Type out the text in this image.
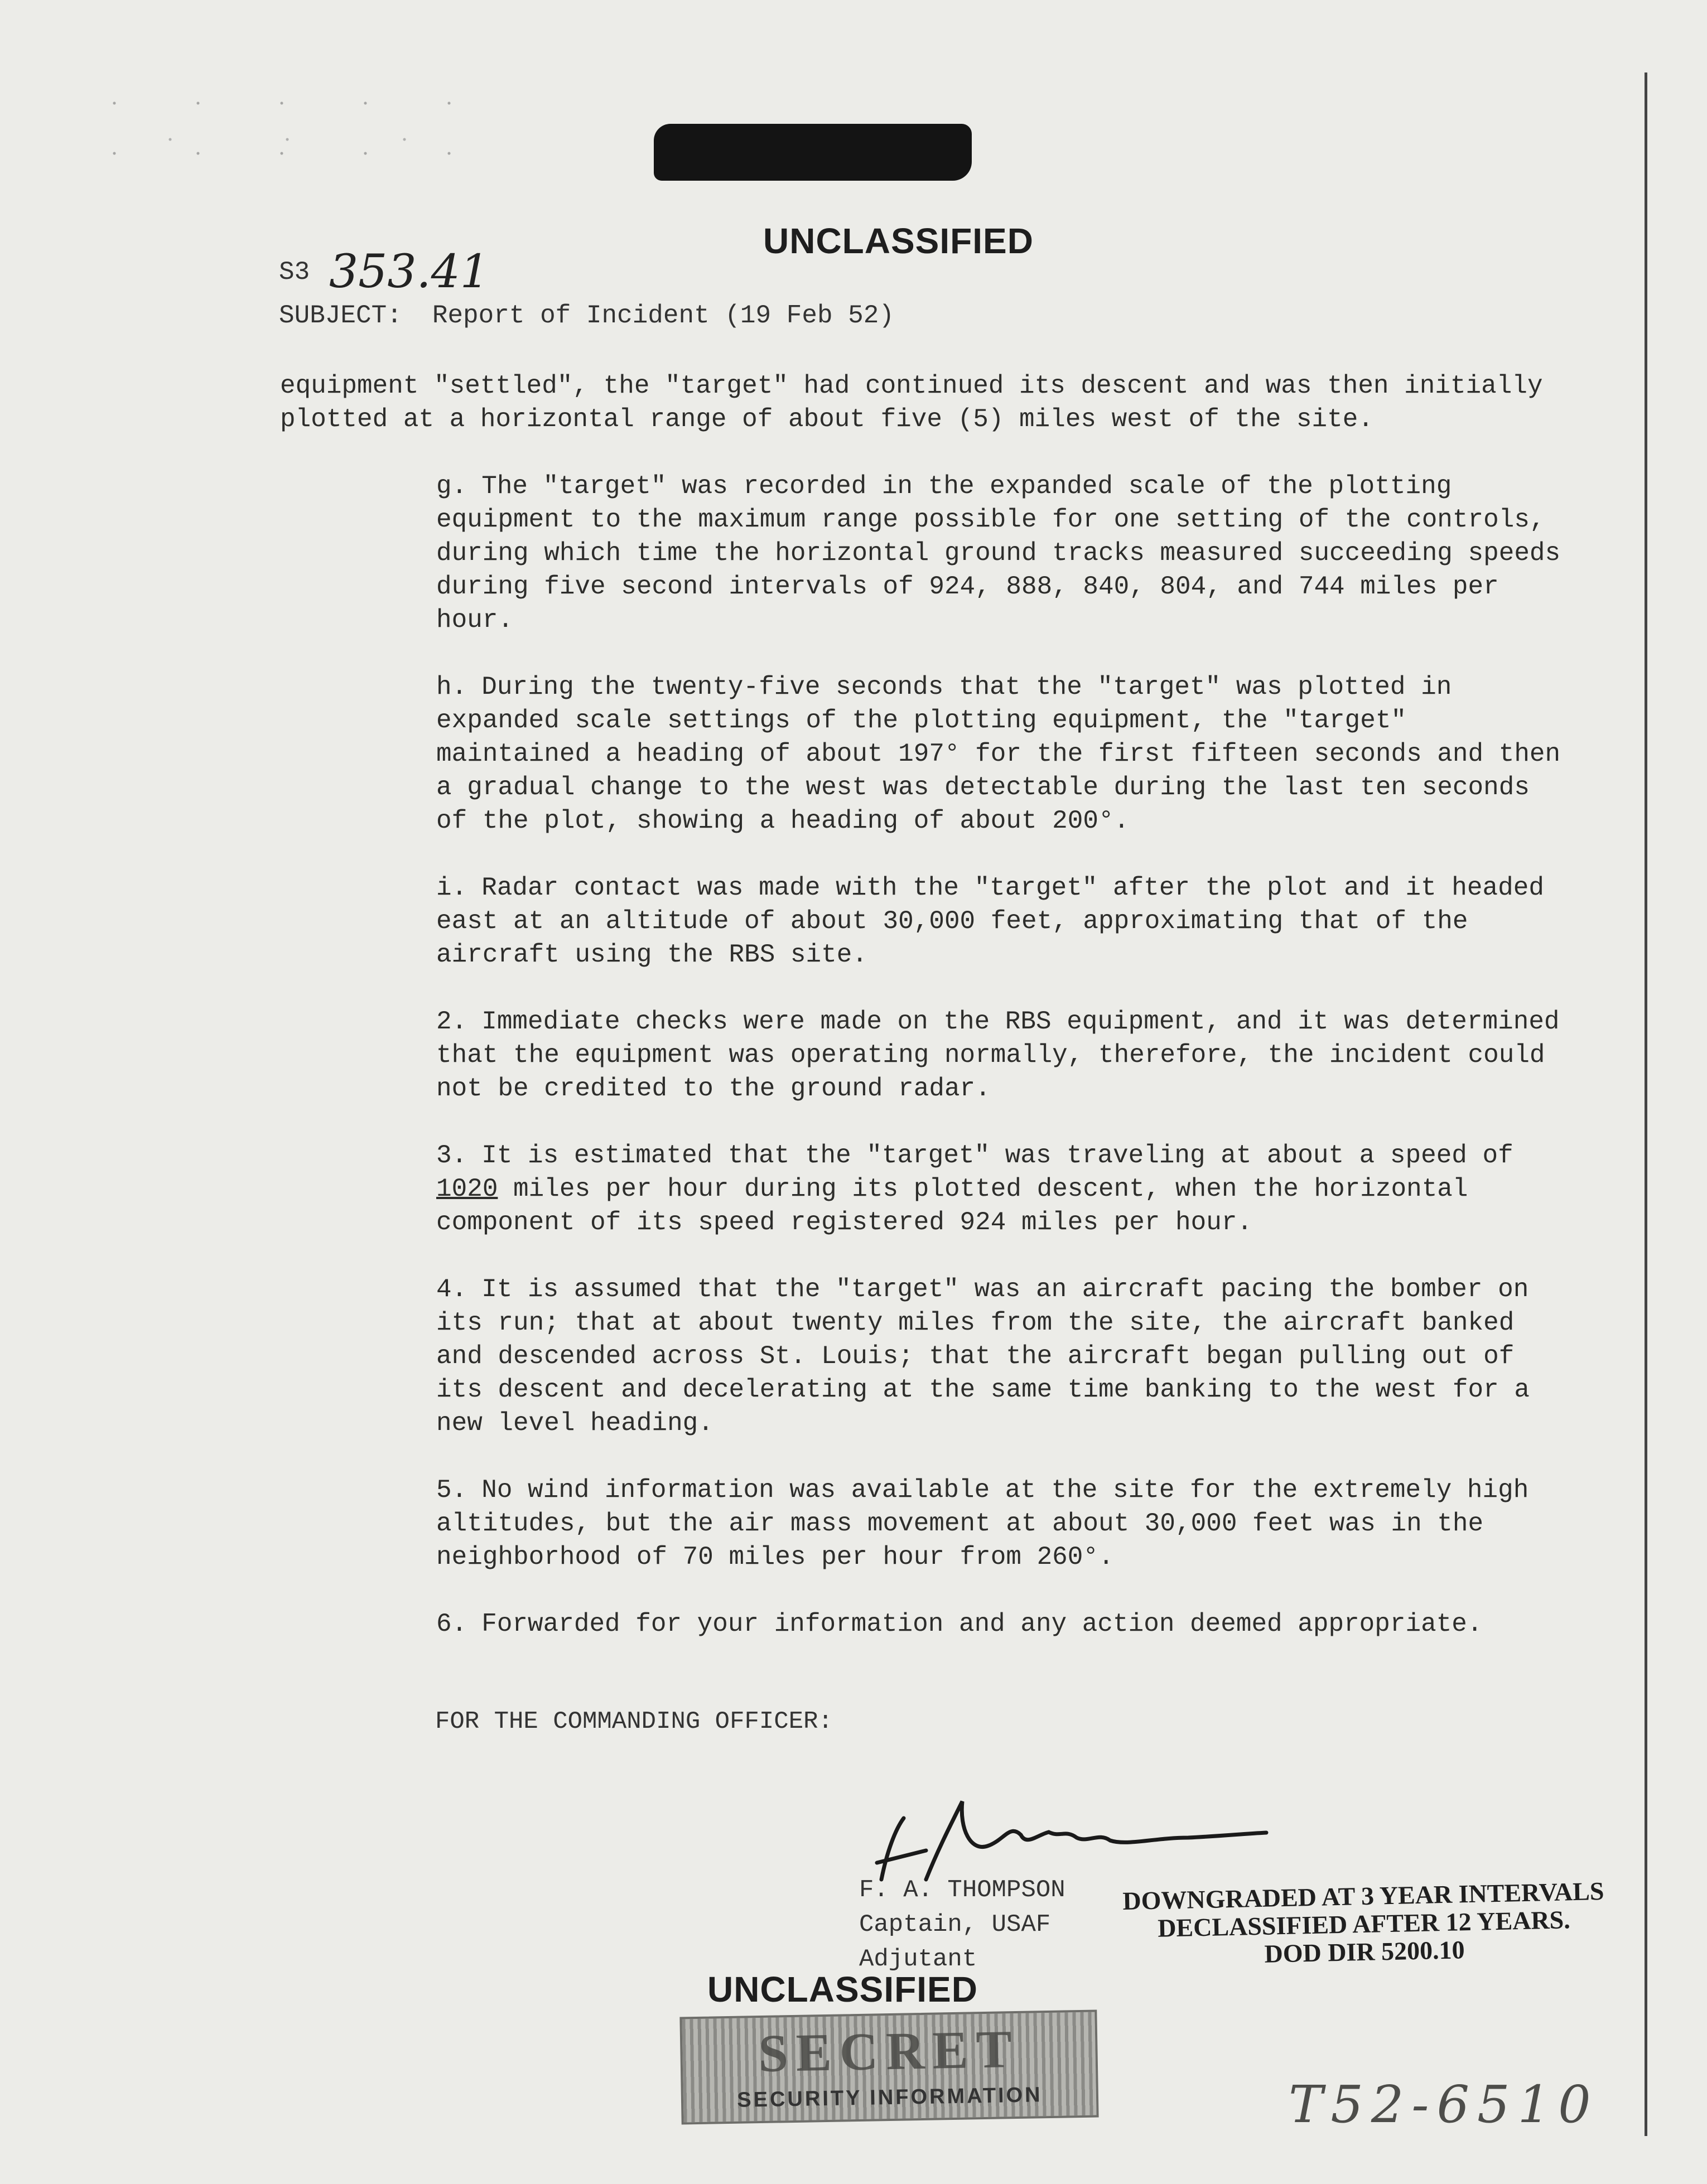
UNCLASSIFIED
S3 353.41
SUBJECT: Report of Incident (19 Feb 52)

equipment "settled", the "target" had continued its descent and was then initially plotted at a horizontal range of about five (5) miles west of the site.

g. The "target" was recorded in the expanded scale of the plotting equipment to the maximum range possible for one setting of the controls, during which time the horizontal ground tracks measured succeeding speeds during five second intervals of 924, 888, 840, 804, and 744 miles per hour.

h. During the twenty-five seconds that the "target" was plotted in expanded scale settings of the plotting equipment, the "target" maintained a heading of about 197° for the first fifteen seconds and then a gradual change to the west was detectable during the last ten seconds of the plot, showing a heading of about 200°.

i. Radar contact was made with the "target" after the plot and it headed east at an altitude of about 30,000 feet, approximating that of the aircraft using the RBS site.

2. Immediate checks were made on the RBS equipment, and it was determined that the equipment was operating normally, therefore, the incident could not be credited to the ground radar.

3. It is estimated that the "target" was traveling at about a speed of 1020 miles per hour during its plotted descent, when the horizontal component of its speed registered 924 miles per hour.

4. It is assumed that the "target" was an aircraft pacing the bomber on its run; that at about twenty miles from the site, the aircraft banked and descended across St. Louis; that the aircraft began pulling out of its descent and decelerating at the same time banking to the west for a new level heading.

5. No wind information was available at the site for the extremely high altitudes, but the air mass movement at about 30,000 feet was in the neighborhood of 70 miles per hour from 260°.

6. Forwarded for your information and any action deemed appropriate.

FOR THE COMMANDING OFFICER:
F. A. THOMPSON
Captain, USAF
Adjutant
DOWNGRADED AT 3 YEAR INTERVALS
DECLASSIFIED AFTER 12 YEARS.
DOD DIR 5200.10
UNCLASSIFIED
SECRET
SECURITY INFORMATION	T52-6510
